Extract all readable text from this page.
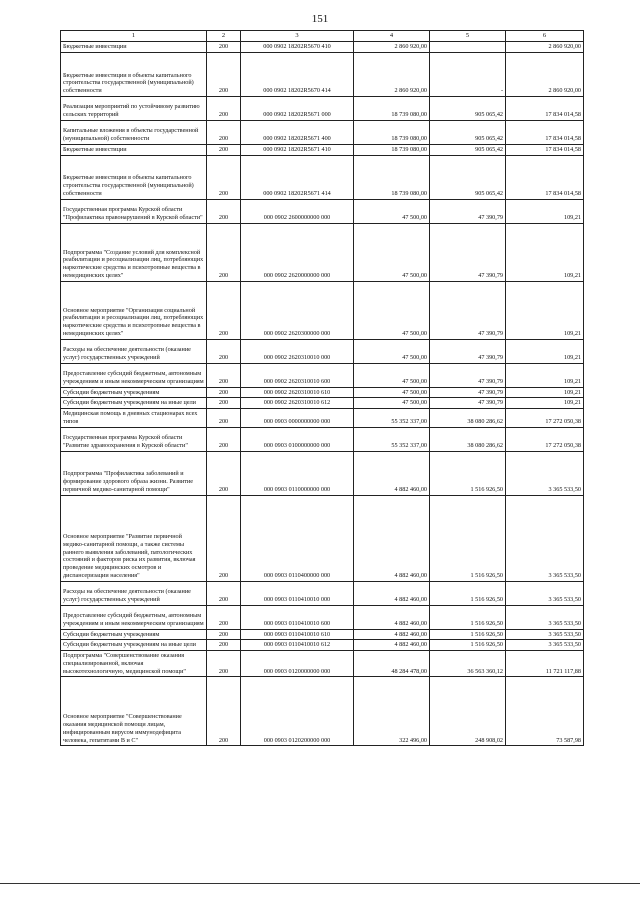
151
1	2	3	4	5	6
Бюджетные инвестиции	200	000 0902 18202R5670 410	2 860 920,00		2 860 920,00
Бюджетные инвестиции в объекты капитального строительства государственной (муниципальной) собственности	200	000 0902 18202R5670 414	2 860 920,00	-	2 860 920,00
Реализация мероприятий по устойчивому развитию сельских территорий	200	000 0902 18202R5671 000	18 739 080,00	905 065,42	17 834 014,58
Капитальные вложения в объекты государственной (муниципальной) собственности	200	000 0902 18202R5671 400	18 739 080,00	905 065,42	17 834 014,58
Бюджетные инвестиции	200	000 0902 18202R5671 410	18 739 080,00	905 065,42	17 834 014,58
Бюджетные инвестиции в объекты капитального строительства государственной (муниципальной) собственности	200	000 0902 18202R5671 414	18 739 080,00	905 065,42	17 834 014,58
Государственная программа Курской области "Профилактика правонарушений в Курской области"	200	000 0902 2600000000 000	47 500,00	47 390,79	109,21
Подпрограмма "Создание условий для комплексной реабилитации и ресоциализации лиц, потребляющих наркотические средства и психотропные вещества в немедицинских целях"	200	000 0902 2620000000 000	47 500,00	47 390,79	109,21
Основное мероприятие "Организация социальной реабилитации и ресоциализации лиц, потребляющих наркотические средства и психотропные вещества в немедицинских целях"	200	000 0902 2620300000 000	47 500,00	47 390,79	109,21
Расходы на обеспечение деятельности (оказание услуг) государственных учреждений	200	000 0902 2620310010 000	47 500,00	47 390,79	109,21
Предоставление субсидий бюджетным, автономным учреждениям и иным некоммерческим организациям	200	000 0902 2620310010 600	47 500,00	47 390,79	109,21
Субсидии бюджетным учреждениям	200	000 0902 2620310010 610	47 500,00	47 390,79	109,21
Субсидии бюджетным учреждениям на иные цели	200	000 0902 2620310010 612	47 500,00	47 390,79	109,21
Медицинская помощь в дневных стационарах всех типов	200	000 0903 0000000000 000	55 352 337,00	38 080 286,62	17 272 050,38
Государственная программа Курской области "Развитие здравоохранения в Курской области"	200	000 0903 0100000000 000	55 352 337,00	38 080 286,62	17 272 050,38
Подпрограмма "Профилактика заболеваний и формирование здорового образа жизни. Развитие первичной медико-санитарной помощи"	200	000 0903 0110000000 000	4 882 460,00	1 516 926,50	3 365 533,50
Основное мероприятие "Развитие первичной медико-санитарной помощи, а также системы раннего выявления заболеваний, патологических состояний и факторов риска их развития, включая проведение медицинских осмотров и диспансеризации населения"	200	000 0903 0110400000 000	4 882 460,00	1 516 926,50	3 365 533,50
Расходы на обеспечение деятельности (оказание услуг) государственных учреждений	200	000 0903 0110410010 000	4 882 460,00	1 516 926,50	3 365 533,50
Предоставление субсидий бюджетным, автономным учреждениям и иным некоммерческим организациям	200	000 0903 0110410010 600	4 882 460,00	1 516 926,50	3 365 533,50
Субсидии бюджетным учреждениям	200	000 0903 0110410010 610	4 882 460,00	1 516 926,50	3 365 533,50
Субсидии бюджетным учреждениям на иные цели	200	000 0903 0110410010 612	4 882 460,00	1 516 926,50	3 365 533,50
Подпрограмма "Совершенствование оказания специализированной, включая высокотехнологичную, медицинской помощи"	200	000 0903 0120000000 000	48 284 478,00	36 563 360,12	11 721 117,88
Основное мероприятие "Совершенствование оказания медицинской помощи лицам, инфицированным вирусом иммунодефицита человека, гепатитами B и C"	200	000 0903 0120200000 000	322 496,00	248 908,02	73 587,98
